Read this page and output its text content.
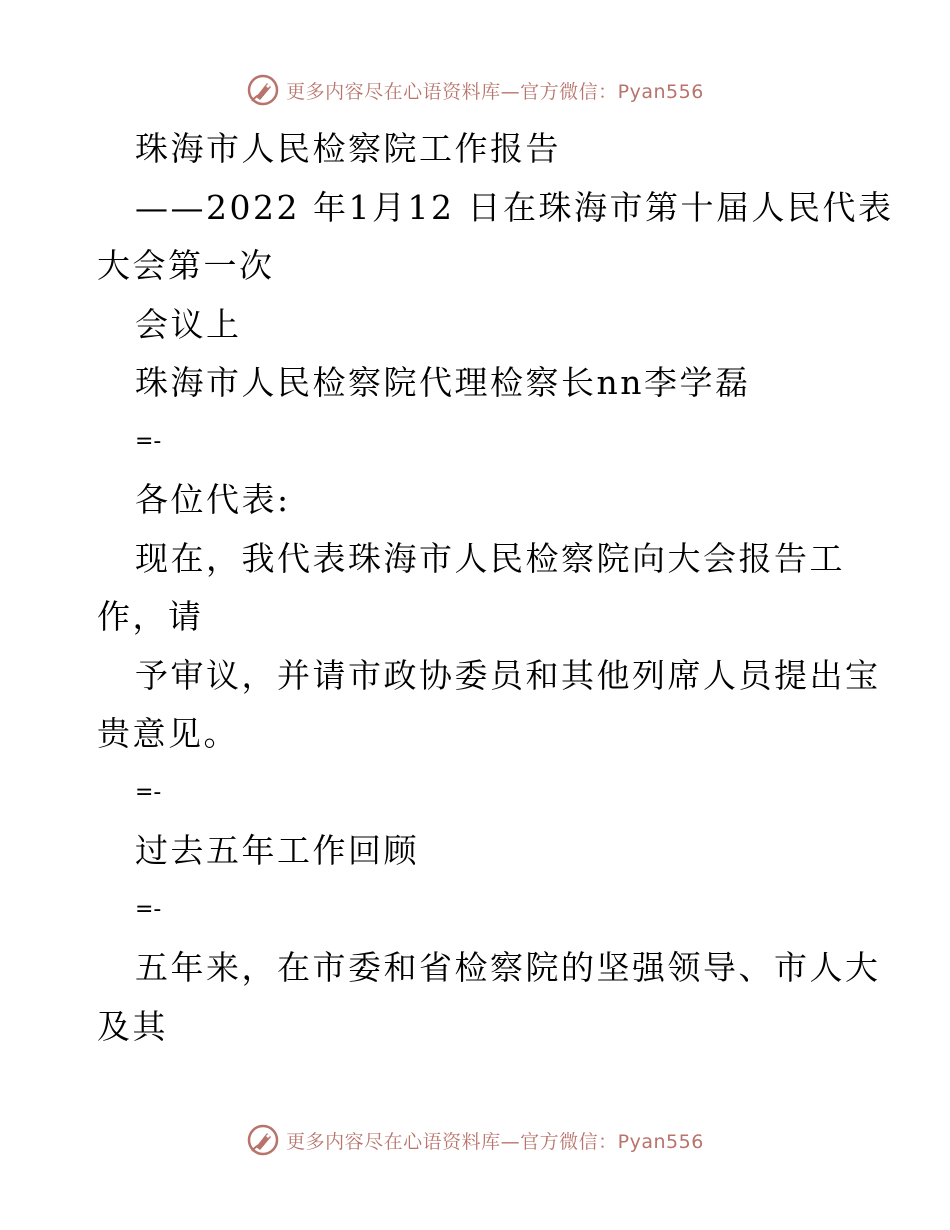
更多内容尽在心语资料库—官方微信：Pyan556
珠海市人民检察院工作报告
——2022 年1月12 日在珠海市第十届人民代表
大会第一次
会议上
珠海市人民检察院代理检察长nn李学磊
=-
各位代表:
现在，我代表珠海市人民检察院向大会报告工
作，请
予审议，并请市政协委员和其他列席人员提出宝
贵意见。
=-
过去五年工作回顾
=-
五年来，在市委和省检察院的坚强领导、市人大
及其
更多内容尽在心语资料库—官方微信：Pyan556
